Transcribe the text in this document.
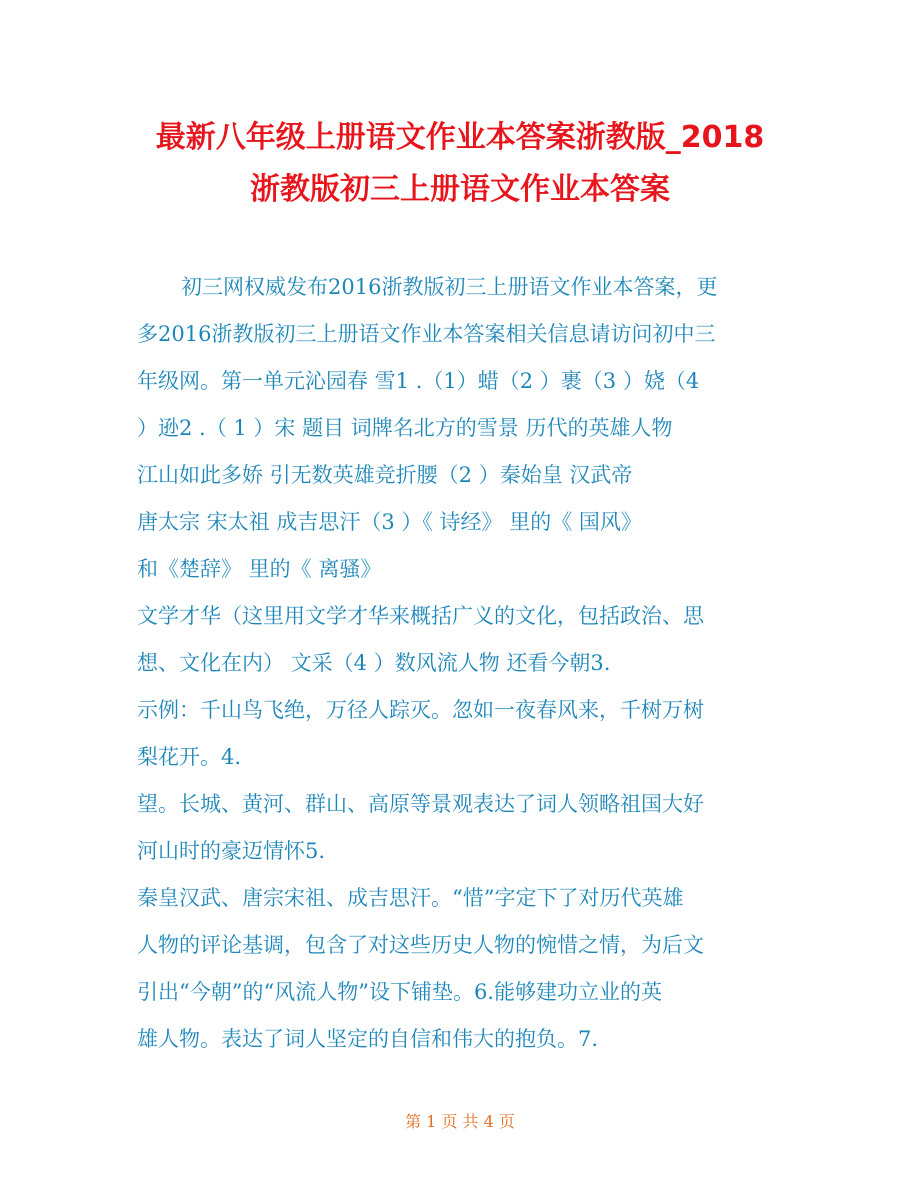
最新八年级上册语文作业本答案浙教版_2018
浙教版初三上册语文作业本答案
初三网权威发布2016浙教版初三上册语文作业本答案，更
多2016浙教版初三上册语文作业本答案相关信息请访问初中三
年级网。第一单元沁园春 雪1 .（1）蜡（2 ）裹（3 ）娆（4
）逊2 .（ 1 ）宋 题目 词牌名北方的雪景 历代的英雄人物
江山如此多娇 引无数英雄竞折腰（2 ）秦始皇 汉武帝
唐太宗 宋太祖 成吉思汗（3 ）《 诗经》 里的《 国风》
和《楚辞》 里的《 离骚》
文学才华（这里用文学才华来概括广义的文化，包括政治、思
想、文化在内） 文采（4 ）数风流人物 还看今朝3.
示例：千山鸟飞绝，万径人踪灭。忽如一夜春风来，千树万树
梨花开。4.
望。长城、黄河、群山、高原等景观表达了词人领略祖国大好
河山时的豪迈情怀5.
秦皇汉武、唐宗宋祖、成吉思汗。“惜”字定下了对历代英雄
人物的评论基调，包含了对这些历史人物的惋惜之情，为后文
引出“今朝”的“风流人物”设下铺垫。6.能够建功立业的英
雄人物。表达了词人坚定的自信和伟大的抱负。7.
第 1 页 共 4 页
